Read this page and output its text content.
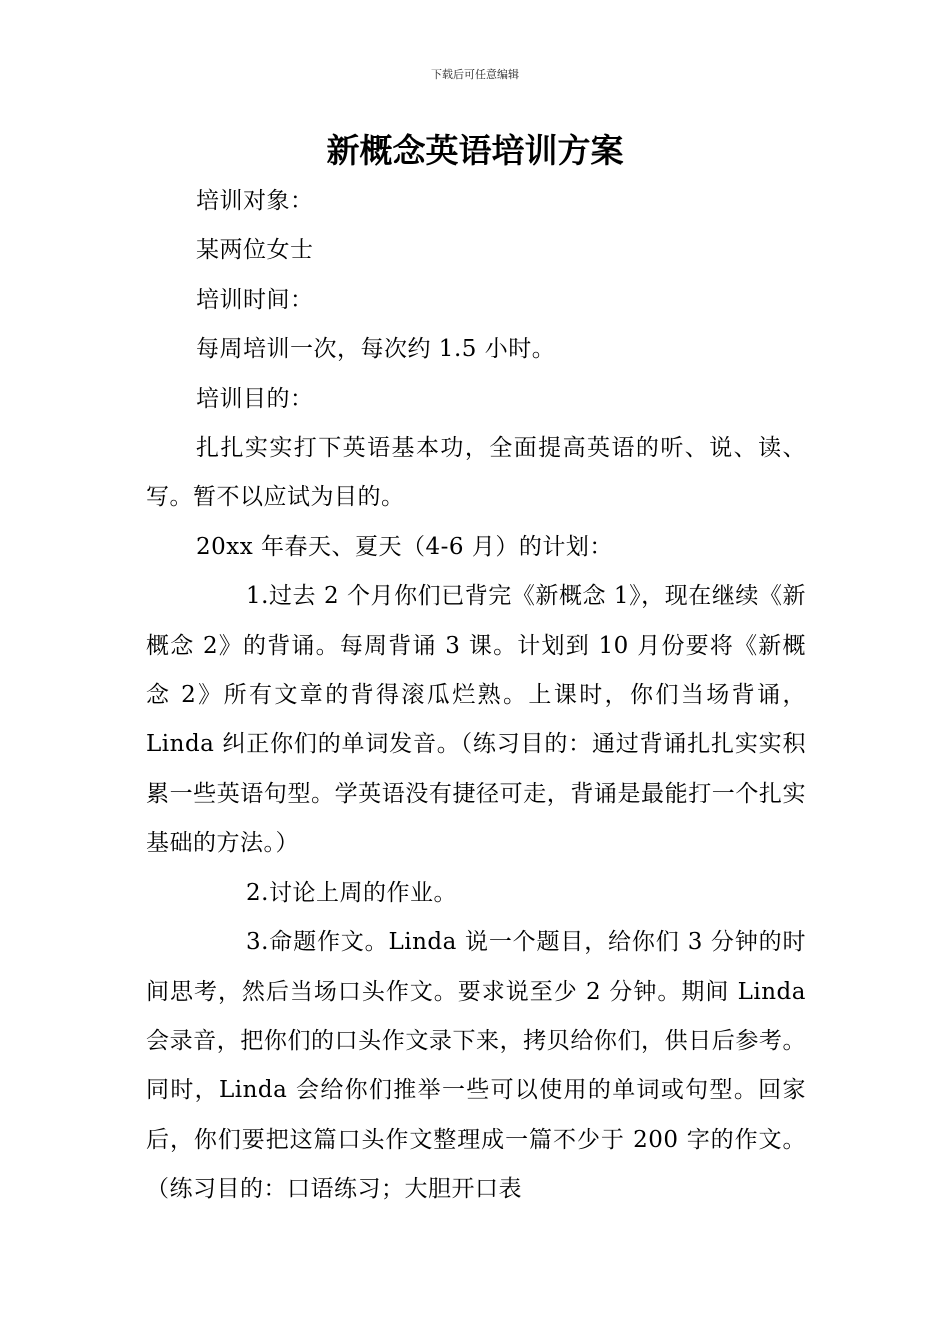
下载后可任意编辑
新概念英语培训方案

培训对象：

某两位女士

培训时间：

每周培训一次，每次约 1.5 小时。

培训目的：

扎扎实实打下英语基本功，全面提高英语的听、说、读、写。暂不以应试为目的。

20xx 年春天、夏天（4-6 月）的计划：

1.过去 2 个月你们已背完《新概念 1》，现在继续《新概念 2》的背诵。每周背诵 3 课。计划到 10 月份要将《新概念 2》所有文章的背得滚瓜烂熟。上课时，你们当场背诵，Linda 纠正你们的单词发音。（练习目的：通过背诵扎扎实实积累一些英语句型。学英语没有捷径可走，背诵是最能打一个扎实基础的方法。）

2.讨论上周的作业。

3.命题作文。Linda 说一个题目，给你们 3 分钟的时间思考，然后当场口头作文。要求说至少 2 分钟。期间 Linda 会录音，把你们的口头作文录下来，拷贝给你们，供日后参考。同时，Linda 会给你们推举一些可以使用的单词或句型。回家后，你们要把这篇口头作文整理成一篇不少于 200 字的作文。（练习目的：口语练习；大胆开口表
